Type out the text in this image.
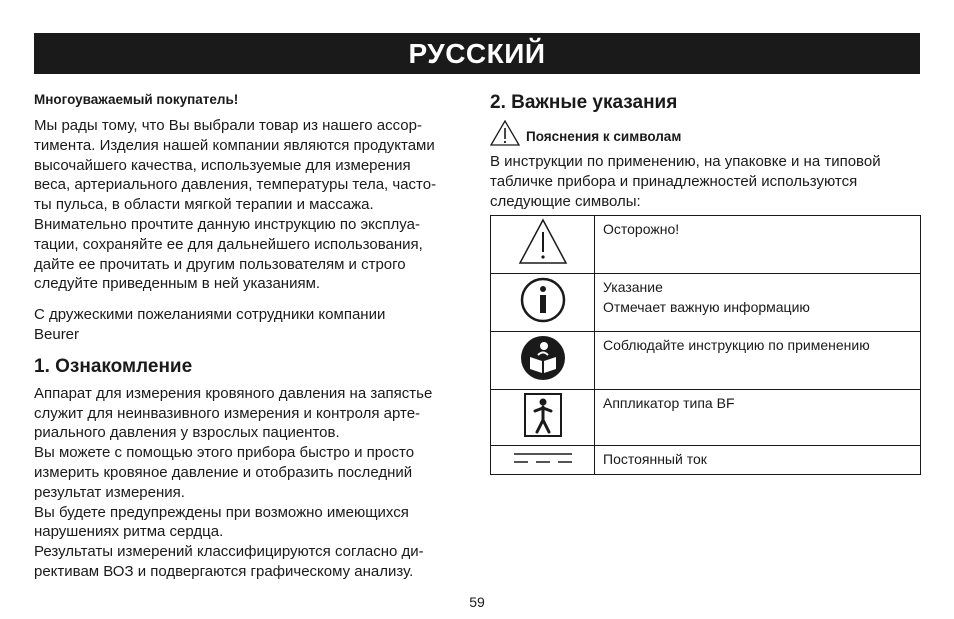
РУССКИЙ
Многоуважаемый покупатель!
Мы рады тому, что Вы выбрали товар из нашего ассор-
тимента. Изделия нашей компании являются продуктами
высочайшего качества, используемые для измерения
веса, артериального давления, температуры тела, часто-
ты пульса, в области мягкой терапии и массажа.
Внимательно прочтите данную инструкцию по эксплуа-
тации, сохраняйте ее для дальнейшего использования,
дайте ее прочитать и другим пользователям и строго
следуйте приведенным в ней указаниям.
С дружескими пожеланиями сотрудники компании
Beurer
1. Ознакомление
Аппарат для измерения кровяного давления на запястье
служит для неинвазивного измерения и контроля арте-
риального давления у взрослых пациентов.
Вы можете с помощью этого прибора быстро и просто
измерить кровяное давление и отобразить последний
результат измерения.
Вы будете предупреждены при возможно имеющихся
нарушениях ритма сердца.
Результаты измерений классифицируются согласно ди-
рективам ВОЗ и подвергаются графическому анализу.
2. Важные указания
Пояснения к символам
В инструкции по применению, на упаковке и на типовой
табличке прибора и принадлежностей используются
следующие символы:

Осторожно!

Указание
Отмечает важную информацию

Соблюдайте инструкцию по применению

Аппликатор типа BF

Постоянный ток
59
